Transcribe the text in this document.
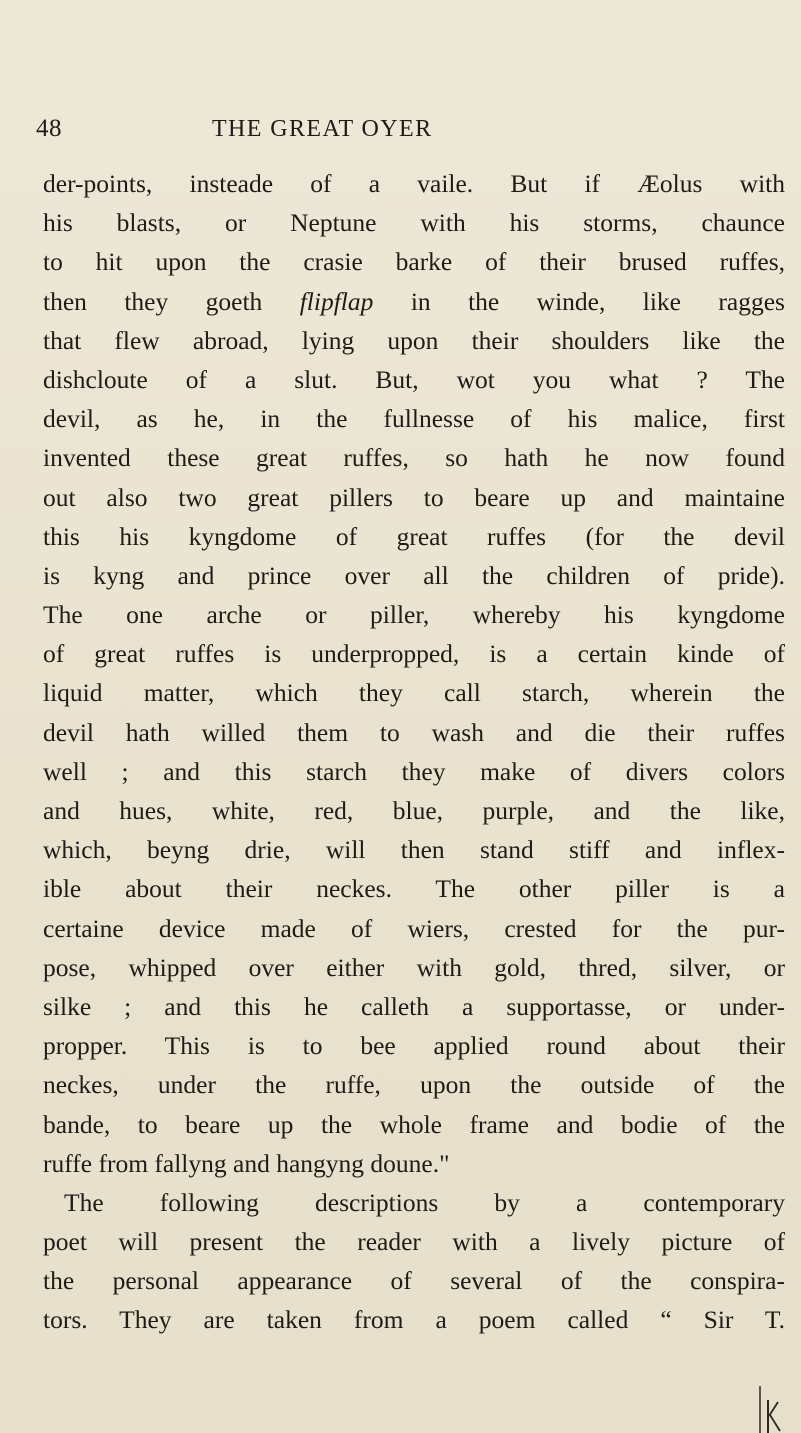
48	THE GREAT OYER
der-points, insteade of a vaile. But if Æolus with
his blasts, or Neptune with his storms, chaunce
to hit upon the crasie barke of their brused ruffes,
then they goeth flipflap in the winde, like ragges
that flew abroad, lying upon their shoulders like the
dishcloute of a slut. But, wot you what ? The
devil, as he, in the fullnesse of his malice, first
invented these great ruffes, so hath he now found
out also two great pillers to beare up and maintaine
this his kyngdome of great ruffes (for the devil
is kyng and prince over all the children of pride).
The one arche or piller, whereby his kyngdome
of great ruffes is underpropped, is a certain kinde of
liquid matter, which they call starch, wherein the
devil hath willed them to wash and die their ruffes
well ; and this starch they make of divers colors
and hues, white, red, blue, purple, and the like,
which, beyng drie, will then stand stiff and inflex-
ible about their neckes. The other piller is a
certaine device made of wiers, crested for the pur-
pose, whipped over either with gold, thred, silver, or
silke ; and this he calleth a supportasse, or under-
propper. This is to bee applied round about their
neckes, under the ruffe, upon the outside of the
bande, to beare up the whole frame and bodie of the
ruffe from fallyng and hangyng doune."
The following descriptions by a contemporary
poet will present the reader with a lively picture of
the personal appearance of several of the conspira-
tors. They are taken from a poem called “ Sir T.
